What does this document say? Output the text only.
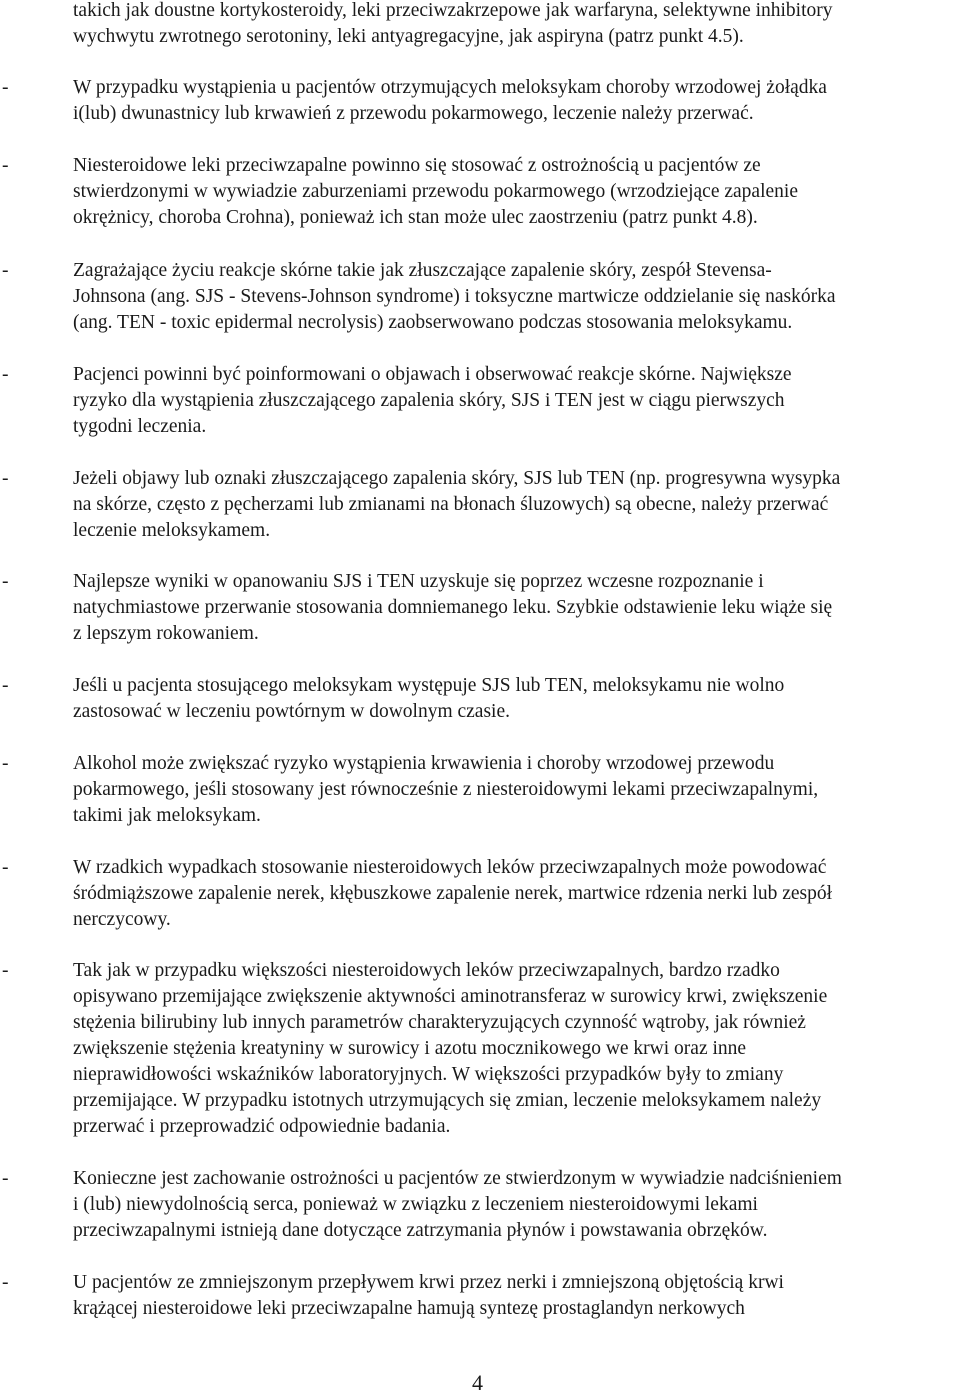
takich jak doustne kortykosteroidy, leki przeciwzakrzepowe jak warfaryna, selektywne inhibitory
wychwytu zwrotnego serotoniny, leki antyagregacyjne, jak aspiryna (patrz punkt 4.5).
-	W przypadku wystąpienia u pacjentów otrzymujących meloksykam choroby wrzodowej żołądka
i(lub) dwunastnicy lub krwawień z przewodu pokarmowego, leczenie należy przerwać.
-	Niesteroidowe leki przeciwzapalne powinno się stosować z ostrożnością u pacjentów ze
stwierdzonymi w wywiadzie zaburzeniami przewodu pokarmowego (wrzodziejące zapalenie
okrężnicy, choroba Crohna), ponieważ ich stan może ulec zaostrzeniu (patrz punkt 4.8).
-	Zagrażające życiu reakcje skórne takie jak złuszczające zapalenie skóry, zespół Stevensa-
Johnsona (ang. SJS - Stevens-Johnson syndrome) i toksyczne martwicze oddzielanie się naskórka
(ang. TEN - toxic epidermal necrolysis) zaobserwowano podczas stosowania meloksykamu.
-	Pacjenci powinni być poinformowani o objawach i obserwować reakcje skórne. Największe
ryzyko dla wystąpienia złuszczającego zapalenia skóry, SJS i TEN jest w ciągu pierwszych
tygodni leczenia.
-	Jeżeli objawy lub oznaki złuszczającego zapalenia skóry, SJS lub TEN (np. progresywna wysypka
na skórze, często z pęcherzami lub zmianami na błonach śluzowych) są obecne, należy przerwać
leczenie meloksykamem.
-	Najlepsze wyniki w opanowaniu SJS i TEN uzyskuje się poprzez wczesne rozpoznanie i
natychmiastowe przerwanie stosowania domniemanego leku. Szybkie odstawienie leku wiąże się
z lepszym rokowaniem.
-	Jeśli u pacjenta stosującego meloksykam występuje SJS lub TEN, meloksykamu nie wolno
zastosować w leczeniu powtórnym w dowolnym czasie.
-	Alkohol może zwiększać ryzyko wystąpienia krwawienia i choroby wrzodowej przewodu
pokarmowego, jeśli stosowany jest równocześnie z niesteroidowymi lekami przeciwzapalnymi,
takimi jak meloksykam.
-	W rzadkich wypadkach stosowanie niesteroidowych leków przeciwzapalnych może powodować
śródmiąższowe zapalenie nerek, kłębuszkowe zapalenie nerek, martwice rdzenia nerki lub zespół
nerczycowy.
-	Tak jak w przypadku większości niesteroidowych leków przeciwzapalnych, bardzo rzadko
opisywano przemijające zwiększenie aktywności aminotransferaz w surowicy krwi, zwiększenie
stężenia bilirubiny lub innych parametrów charakteryzujących czynność wątroby, jak również
zwiększenie stężenia kreatyniny w surowicy i azotu mocznikowego we krwi oraz inne
nieprawidłowości wskaźników laboratoryjnych. W większości przypadków były to zmiany
przemijające. W przypadku istotnych utrzymujących się zmian, leczenie meloksykamem należy
przerwać i przeprowadzić odpowiednie badania.
-	Konieczne jest zachowanie ostrożności u pacjentów ze stwierdzonym w wywiadzie nadciśnieniem
i (lub) niewydolnością serca, ponieważ w związku z leczeniem niesteroidowymi lekami
przeciwzapalnymi istnieją dane dotyczące zatrzymania płynów i powstawania obrzęków.
-	U pacjentów ze zmniejszonym przepływem krwi przez nerki i zmniejszoną objętością krwi
krążącej niesteroidowe leki przeciwzapalne hamują syntezę prostaglandyn nerkowych
4
